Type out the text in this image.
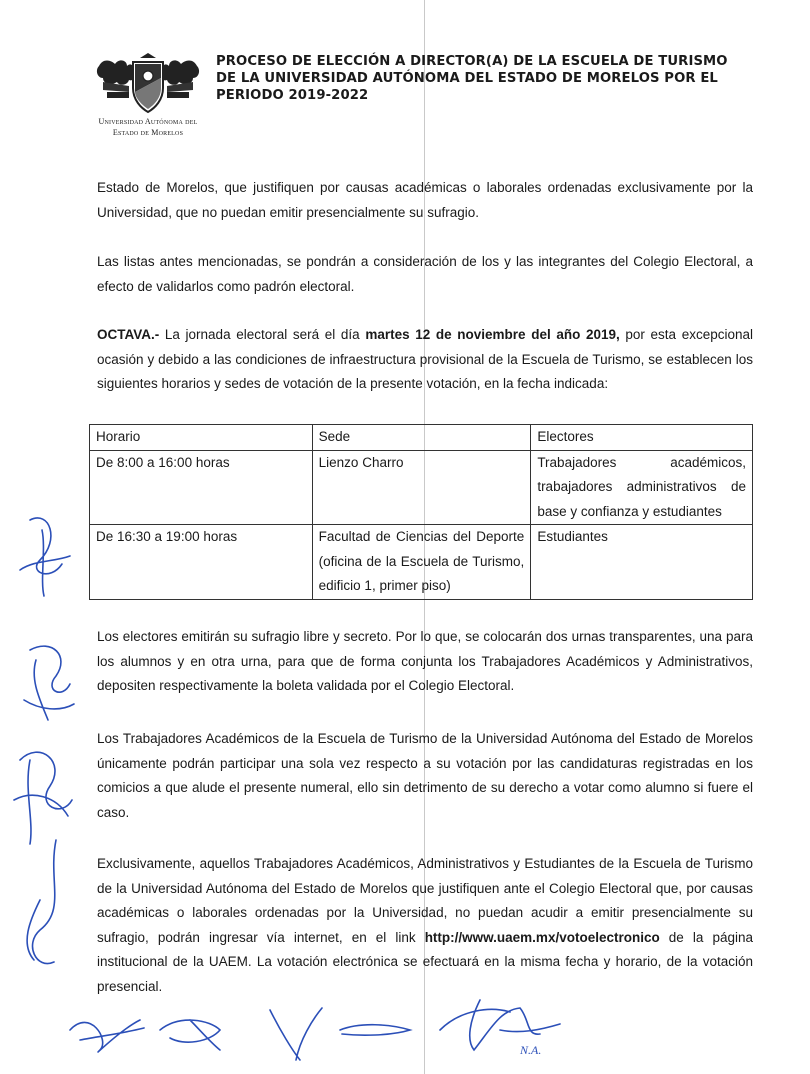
Universidad Autónoma del
Estado de Morelos
PROCESO DE ELECCIÓN A DIRECTOR(A) DE LA ESCUELA DE TURISMO DE LA UNIVERSIDAD AUTÓNOMA DEL ESTADO DE MORELOS POR EL PERIODO 2019-2022
Estado de Morelos, que justifiquen por causas académicas o laborales ordenadas exclusivamente por la Universidad, que no puedan emitir presencialmente su sufragio.
Las listas antes mencionadas, se pondrán a consideración de los y las integrantes del Colegio Electoral, a efecto de validarlos como padrón electoral.
OCTAVA.- La jornada electoral será el día martes 12 de noviembre del año 2019, por esta excepcional ocasión y debido a las condiciones de infraestructura provisional de la Escuela de Turismo, se establecen los siguientes horarios y sedes de votación de la presente votación, en la fecha indicada:
Horario	Sede	Electores
De 8:00 a 16:00 horas	Lienzo Charro	Trabajadores académicos, trabajadores administrativos de base y confianza y estudiantes
De 16:30 a 19:00 horas	Facultad de Ciencias del Deporte (oficina de la Escuela de Turismo, edificio 1, primer piso)	Estudiantes
Los electores emitirán su sufragio libre y secreto. Por lo que, se colocarán dos urnas transparentes, una para los alumnos y en otra urna, para que de forma conjunta los Trabajadores Académicos y Administrativos, depositen respectivamente la boleta validada por el Colegio Electoral.
Los Trabajadores Académicos de la Escuela de Turismo de la Universidad Autónoma del Estado de Morelos únicamente podrán participar una sola vez respecto a su votación por las candidaturas registradas en los comicios a que alude el presente numeral, ello sin detrimento de su derecho a votar como alumno si fuere el caso.
Exclusivamente, aquellos Trabajadores Académicos, Administrativos y Estudiantes de la Escuela de Turismo de la Universidad Autónoma del Estado de Morelos que justifiquen ante el Colegio Electoral que, por causas académicas o laborales ordenadas por la Universidad, no puedan acudir a emitir presencialmente su sufragio, podrán ingresar vía internet, en el link http://www.uaem.mx/votoelectronico de la página institucional de la UAEM. La votación electrónica se efectuará en la misma fecha y horario, de la votación presencial.
N.A.
